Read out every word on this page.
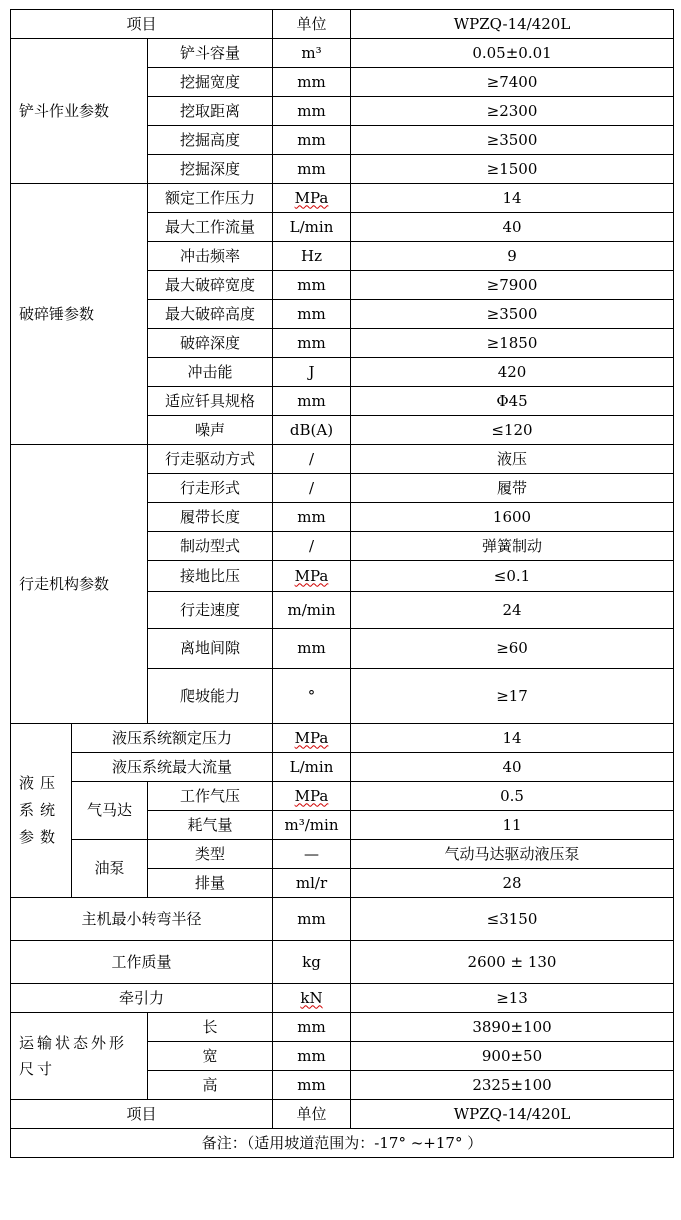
项目			单位	WPZQ-14/420L
铲斗作业参数		铲斗容量	m³	0.05±0.01
		挖掘宽度	mm	≥7400
		挖取距离	mm	≥2300
		挖掘高度	mm	≥3500
		挖掘深度	mm	≥1500
破碎锤参数		额定工作压力	MPa	14
		最大工作流量	L/min	40
		冲击频率	Hz	9
		最大破碎宽度	mm	≥7900
		最大破碎高度	mm	≥3500
		破碎深度	mm	≥1850
		冲击能	J	420
		适应钎具规格	mm	Φ45
		噪声	dB(A)	≤120
行走机构参数		行走驱动方式	/	液压
		行走形式	/	履带
		履带长度	mm	1600
		制动型式	/	弹簧制动
		接地比压	MPa	≤0.1
		行走速度	m/min	24
		离地间隙	mm	≥60
		爬坡能力	°	≥17
液压系统参数	液压系统额定压力		MPa	14
	液压系统最大流量		L/min	40
	气马达	工作气压	MPa	0.5
		耗气量	m³/min	11
	油泵	类型	—	气动马达驱动液压泵
		排量	ml/r	28
主机最小转弯半径			mm	≤3150
工作质量			kg	2600 ± 130
牵引力			kN	≥13
运输状态外形尺寸		长	mm	3890±100
		宽	mm	900±50
		高	mm	2325±100
项目			单位	WPZQ-14/420L
备注：（适用坡道范围为：-17° ~+17° ）				
